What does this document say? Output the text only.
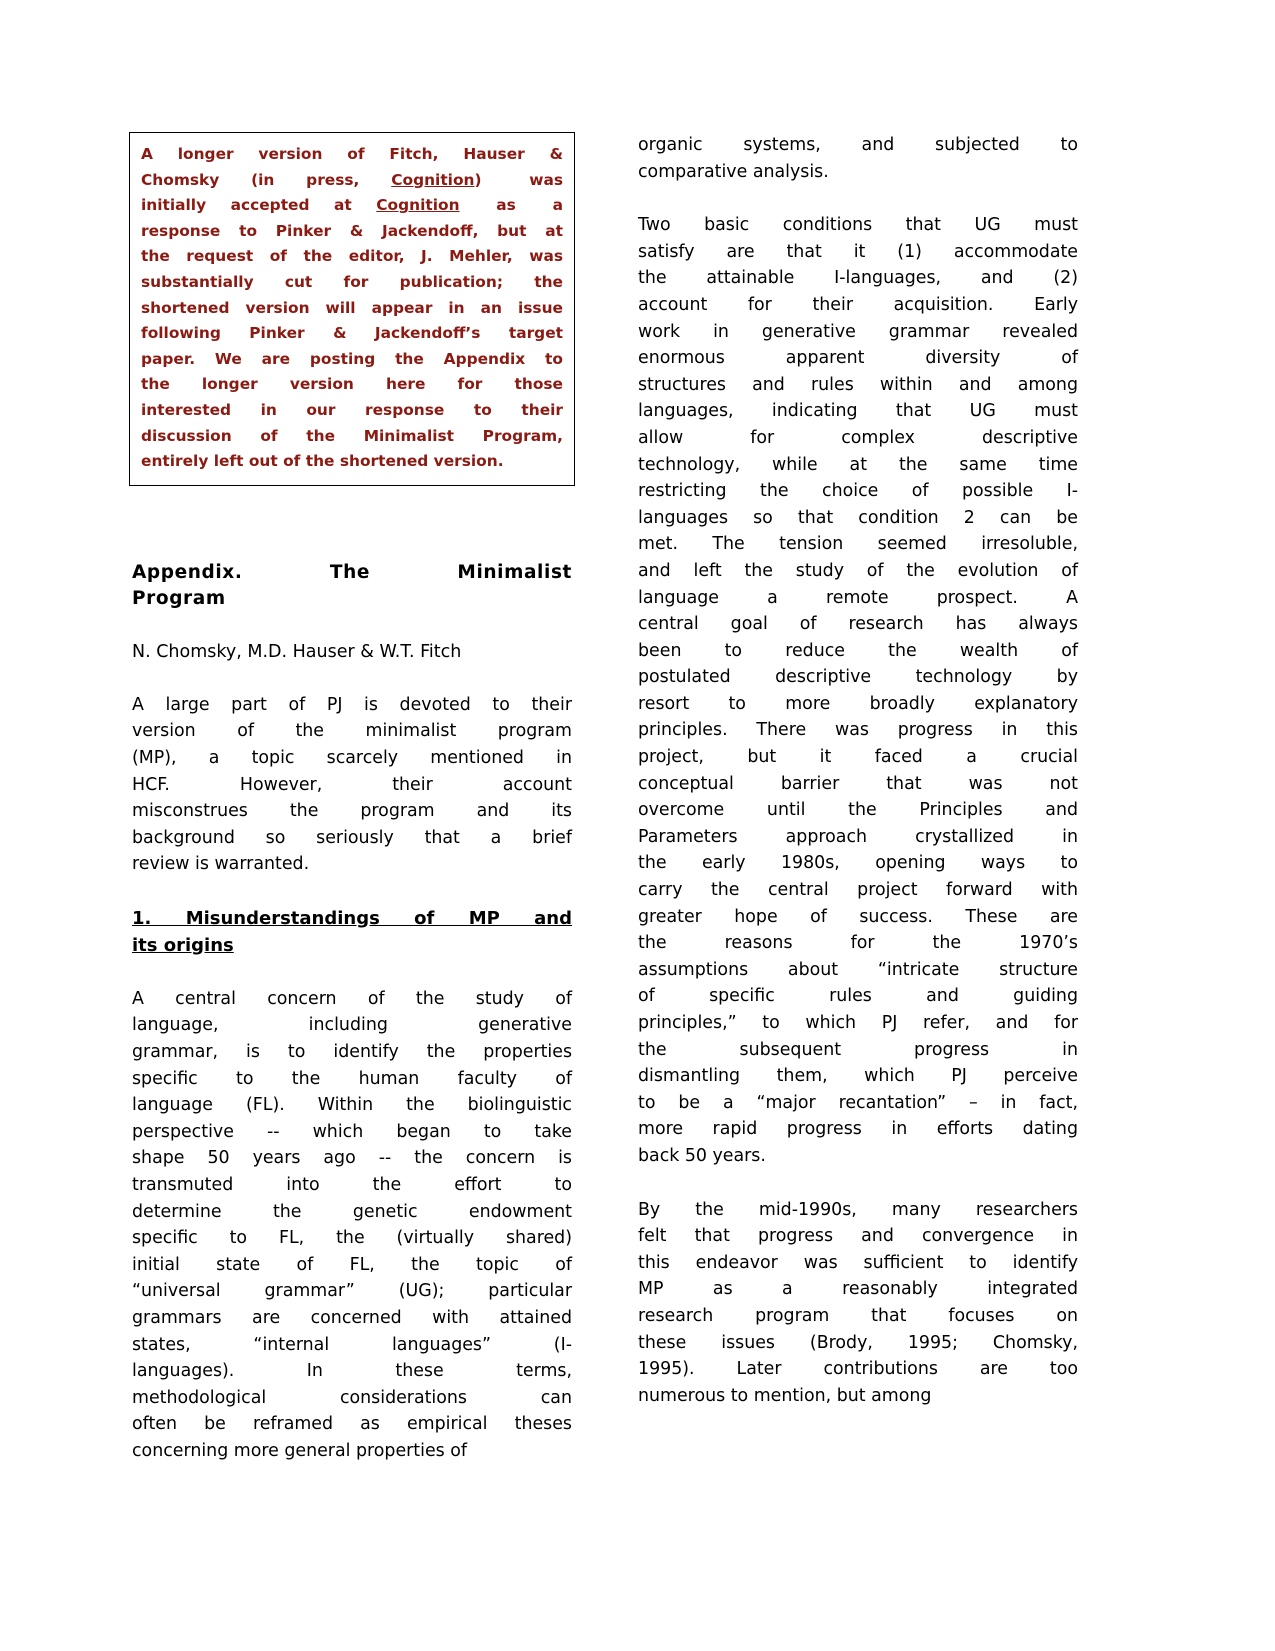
A longer version of Fitch, Hauser &
Chomsky  (in  press,  Cognition)   was
initially  accepted  at  Cognition   as   a
response to Pinker & Jackendoff, but at
the request of the editor, J. Mehler, was
substantially cut for publication; the
shortened version will appear in an issue
following Pinker & Jackendoff’s target
paper. We are posting the Appendix to
the longer version here for those
interested in our response to their
discussion of the Minimalist Program,
entirely left out of the shortened version.
Appendix. The Minimalist
Program

N. Chomsky, M.D. Hauser & W.T. Fitch

A large part of PJ is devoted to their
version of the minimalist program
(MP), a topic scarcely mentioned in
HCF. However, their account
misconstrues the program and its
background so seriously that a brief
review is warranted.

1. Misunderstandings of MP and
its origins

A central concern of the study of
language, including generative
grammar, is to identify the properties
specific to the human faculty of
language (FL). Within the biolinguistic
perspective -- which began to take
shape 50 years ago -- the concern is
transmuted into the effort to
determine the genetic endowment
specific to FL, the (virtually shared)
initial state of FL, the topic of
“universal grammar” (UG); particular
grammars are concerned with attained
states, “internal languages” (I-
languages). In these terms,
methodological considerations can
often be reframed as empirical theses
concerning more general properties of

organic systems, and subjected to
comparative analysis.

Two basic conditions that UG must
satisfy are that it (1) accommodate
the attainable I-languages, and (2)
account for their acquisition. Early
work in generative grammar revealed
enormous apparent diversity of
structures and rules within and among
languages, indicating that UG must
allow for complex descriptive
technology, while at the same time
restricting the choice of possible I-
languages so that condition 2 can be
met. The tension seemed irresoluble,
and left the study of the evolution of
language a remote prospect. A
central goal of research has always
been to reduce the wealth of
postulated descriptive technology by
resort to more broadly explanatory
principles. There was progress in this
project, but it faced a crucial
conceptual barrier that was not
overcome until the Principles and
Parameters approach crystallized in
the early 1980s, opening ways to
carry the central project forward with
greater hope of success. These are
the reasons for the 1970’s
assumptions about “intricate structure
of specific rules and guiding
principles,” to which PJ refer, and for
the subsequent progress in
dismantling them, which PJ perceive
to be a “major recantation” – in fact,
more rapid progress in efforts dating
back 50 years.

By the mid-1990s, many researchers
felt that progress and convergence in
this endeavor was sufficient to identify
MP as a reasonably integrated
research program that focuses on
these issues (Brody, 1995; Chomsky,
1995). Later contributions are too
numerous to mention, but among
